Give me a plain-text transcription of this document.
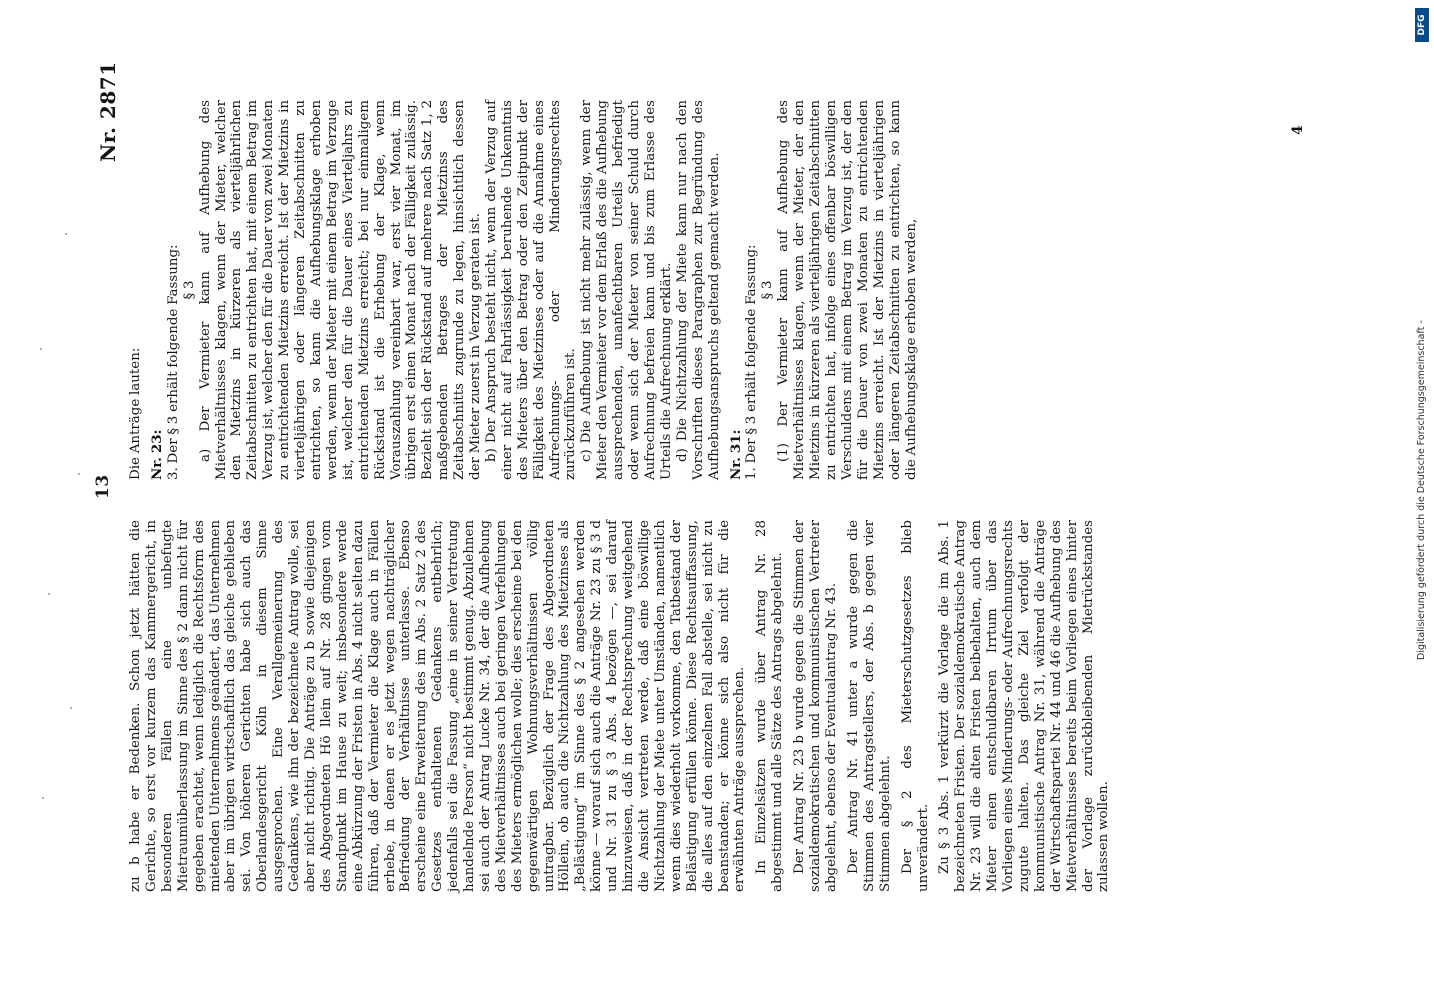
13
Nr. 2871

zu b habe er Bedenken. Schon jetzt hätten die Gerichte, so erst vor kurzem das Kammergericht, in besonderen Fällen eine unbefugte Mietraumüberlassung im Sinne des § 2 dann nicht für gegeben erachtet, wenn lediglich die Rechtsform des mietenden Unternehmens geändert, das Unternehmen aber im übrigen wirtschaftlich das gleiche geblieben sei. Von höheren Gerichten habe sich auch das Oberlandesgericht Köln in diesem Sinne ausgesprochen. Eine Verallgemeinerung des Gedankens, wie ihn der bezeichnete Antrag wolle, sei aber nicht richtig. Die Anträge zu b sowie diejenigen des Abgeordneten Hö llein auf Nr. 28 gingen vom Standpunkt im Hause zu weit; insbesondere werde eine Abkürzung der Fristen in Abs. 4 nicht selten dazu führen, daß der Vermieter die Klage auch in Fällen erhebe, in denen er es jetzt wegen nachträglicher Befriedung der Verhältnisse unterlasse. Ebenso erscheine eine Erweiterung des im Abs. 2 Satz 2 des Gesetzes enthaltenen Gedankens entbehrlich; jedenfalls sei die Fassung „eine in seiner Vertretung handelnde Person“ nicht bestimmt genug. Abzulehnen sei auch der Antrag Lucke Nr. 34, der die Aufhebung des Mietverhältnisses auch bei geringen Verfehlungen des Mieters ermöglichen wolle; dies erscheine bei den gegenwärtigen Wohnungsverhältnissen völlig untragbar. Bezüglich der Frage des Abgeordneten Höllein, ob auch die Nichtzahlung des Mietzinses als „Belästigung“ im Sinne des § 2 angesehen werden könne — worauf sich auch die Anträge Nr. 23 zu § 3 d und Nr. 31 zu § 3 Abs. 4 bezögen —, sei darauf hinzuweisen, daß in der Rechtsprechung weitgehend die Ansicht vertreten werde, daß eine böswillige Nichtzahlung der Miete unter Umständen, namentlich wenn dies wiederholt vorkomme, den Tatbestand der Belästigung erfüllen könne. Diese Rechtsauffassung, die alles auf den einzelnen Fall abstelle, sei nicht zu beanstanden; er könne sich also nicht für die erwähnten Anträge aussprechen. In Einzelsätzen wurde über Antrag Nr. 28 abgestimmt und alle Sätze des Antrags abgelehnt. Der Antrag Nr. 23 b wurde gegen die Stimmen der sozialdemokratischen und kommunistischen Vertreter abgelehnt, ebenso der Eventualantrag Nr. 43. Der Antrag Nr. 41 unter a wurde gegen die Stimmen des Antragstellers, der Abs. b gegen vier Stimmen abgelehnt. Der § 2 des Mieterschutzgesetzes blieb unverändert. Zu § 3 Abs. 1 verkürzt die Vorlage die im Abs. 1 bezeichneten Fristen. Der sozialdemokratische Antrag Nr. 23 will die alten Fristen beibehalten, auch dem Mieter einen entschuldbaren Irrtum über das Vorliegen eines Minderungs- oder Aufrechnungsrechts zugute halten. Das gleiche Ziel verfolgt der kommunistische Antrag Nr. 31, während die Anträge der Wirtschaftspartei Nr. 44 und 46 die Aufhebung des Mietverhältnisses bereits beim Vorliegen eines hinter der Vorlage zurückbleibenden Mietrückstandes zulassen wollen.

Die Anträge lauten: Nr. 23: 3. Der § 3 erhält folgende Fassung: § 3 a) Der Vermieter kann auf Aufhebung des Mietverhältnisses klagen, wenn der Mieter, welcher den Mietzins in kürzeren als vierteljährlichen Zeitabschnitten zu entrichten hat, mit einem Betrag im Verzug ist, welcher den für die Dauer von zwei Monaten zu entrichtenden Mietzins erreicht. Ist der Mietzins in vierteljährigen oder längeren Zeitabschnitten zu entrichten, so kann die Aufhebungsklage erhoben werden, wenn der Mieter mit einem Betrag im Verzuge ist, welcher den für die Dauer eines Vierteljahrs zu entrichtenden Mietzins erreicht; bei nur einmaligem Rückstand ist die Erhebung der Klage, wenn Vorauszahlung vereinbart war, erst vier Monat, im übrigen erst einen Monat nach der Fälligkeit zulässig. Bezieht sich der Rückstand auf mehrere nach Satz 1, 2 maßgebenden Betrages der Mietzinss des Zeitabschnitts zugrunde zu legen, hinsichtlich dessen der Mieter zuerst in Verzug geraten ist. b) Der Anspruch besteht nicht, wenn der Verzug auf einer nicht auf Fahrlässigkeit beruhende Unkenntnis des Mieters über den Betrag oder den Zeitpunkt der Fälligkeit des Mietzinses oder auf die Annahme eines Aufrechnungs- oder Minderungsrechtes zurückzuführen ist. c) Die Aufhebung ist nicht mehr zulässig, wenn der Mieter den Vermieter vor dem Erlaß des die Aufhebung aussprechenden, unanfechtbaren Urteils befriedigt oder wenn sich der Mieter von seiner Schuld durch Aufrechnung befreien kann und bis zum Erlasse des Urteils die Aufrechnung erklärt. d) Die Nichtzahlung der Miete kann nur nach den Vorschriften dieses Paragraphen zur Begründung des Aufhebungsanspruchs geltend gemacht werden. Nr. 31: 1. Der § 3 erhält folgende Fassung: § 3 (1) Der Vermieter kann auf Aufhebung des Mietverhältnisses klagen, wenn der Mieter, der den Mietzins in kürzeren als vierteljährigen Zeitabschnitten zu entrichten hat, infolge eines offenbar böswilligen Verschuldens mit einem Betrag im Verzug ist, der den für die Dauer von zwei Monaten zu entrichtenden Mietzins erreicht. Ist der Mietzins in vierteljährigen oder längeren Zeitabschnitten zu entrichten, so kann die Aufhebungsklage erhoben werden,

4
Digitalisierung gefördert durch die Deutsche Forschungsgemeinschaft -
DFG
